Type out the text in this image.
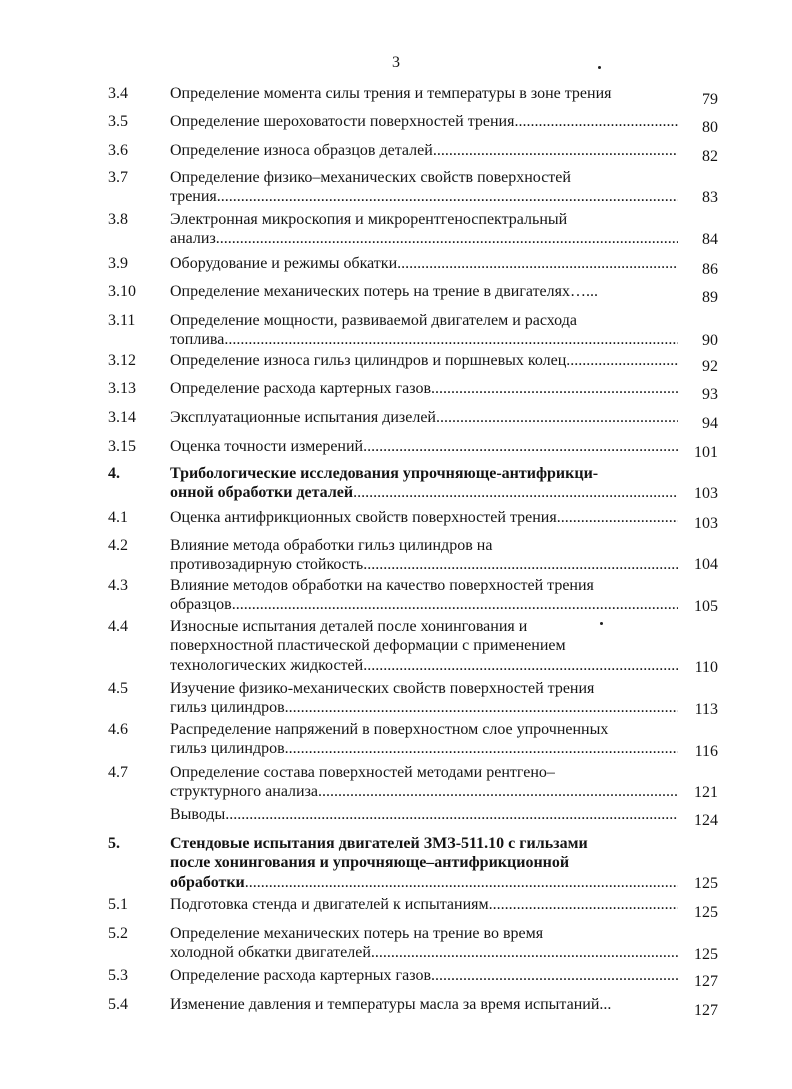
3
3.4	Определение момента силы трения и температуры в зоне трения	79
3.5	Определение шероховатости поверхностей трения . . .	80
3.6	Определение износа образцов деталей . . .	82
3.7	Определение физико–механических свойств поверхностей
трения . . .	83
3.8	Электронная микроскопия и микрорентгеноспектральный
анализ . . .	84
3.9	Оборудование и режимы обкатки . . .	86
3.10 Определение механических потерь на трение в двигателях…...	89
3.11 Определение мощности, развиваемой двигателем и расхода
топлива . . .	90
3.12 Определение износа гильз цилиндров и поршневых колец . . .	92
3.13 Определение расхода картерных газов . . .	93
3.14 Эксплуатационные испытания дизелей . . .	94
3.15 Оценка точности измерений . . .	101
4.	Трибологические исследования упрочняюще-антифрикци-
онной обработки деталей . . .	103
4.1	Оценка антифрикционных свойств поверхностей трения . . .	103
4.2	Влияние метода обработки гильз цилиндров на
противозадирную стойкость . . .	104
4.3	Влияние методов обработки на качество поверхностей трения
образцов . . .	105
4.4	Износные испытания деталей после хонингования и
поверхностной пластической деформации с применением
технологических жидкостей . . .	110
4.5	Изучение физико-механических свойств поверхностей трения
гильз цилиндров . . .	113
4.6	Распределение напряжений в поверхностном слое упрочненных
гильз цилиндров . . .	116
4.7	Определение состава поверхностей методами рентгено–
структурного анализа . . .	121
Выводы . . .	124
5.	Стендовые испытания двигателей ЗМЗ-511.10 с гильзами
после хонингования и упрочняюще–антифрикционной
обработки . . .	125
5.1	Подготовка стенда и двигателей к испытаниям . . .	125
5.2	Определение механических потерь на трение во время
холодной обкатки двигателей . . .	125
5.3	Определение расхода картерных газов . . .	127
5.4	Изменение давления и температуры масла за время испытаний...	127
